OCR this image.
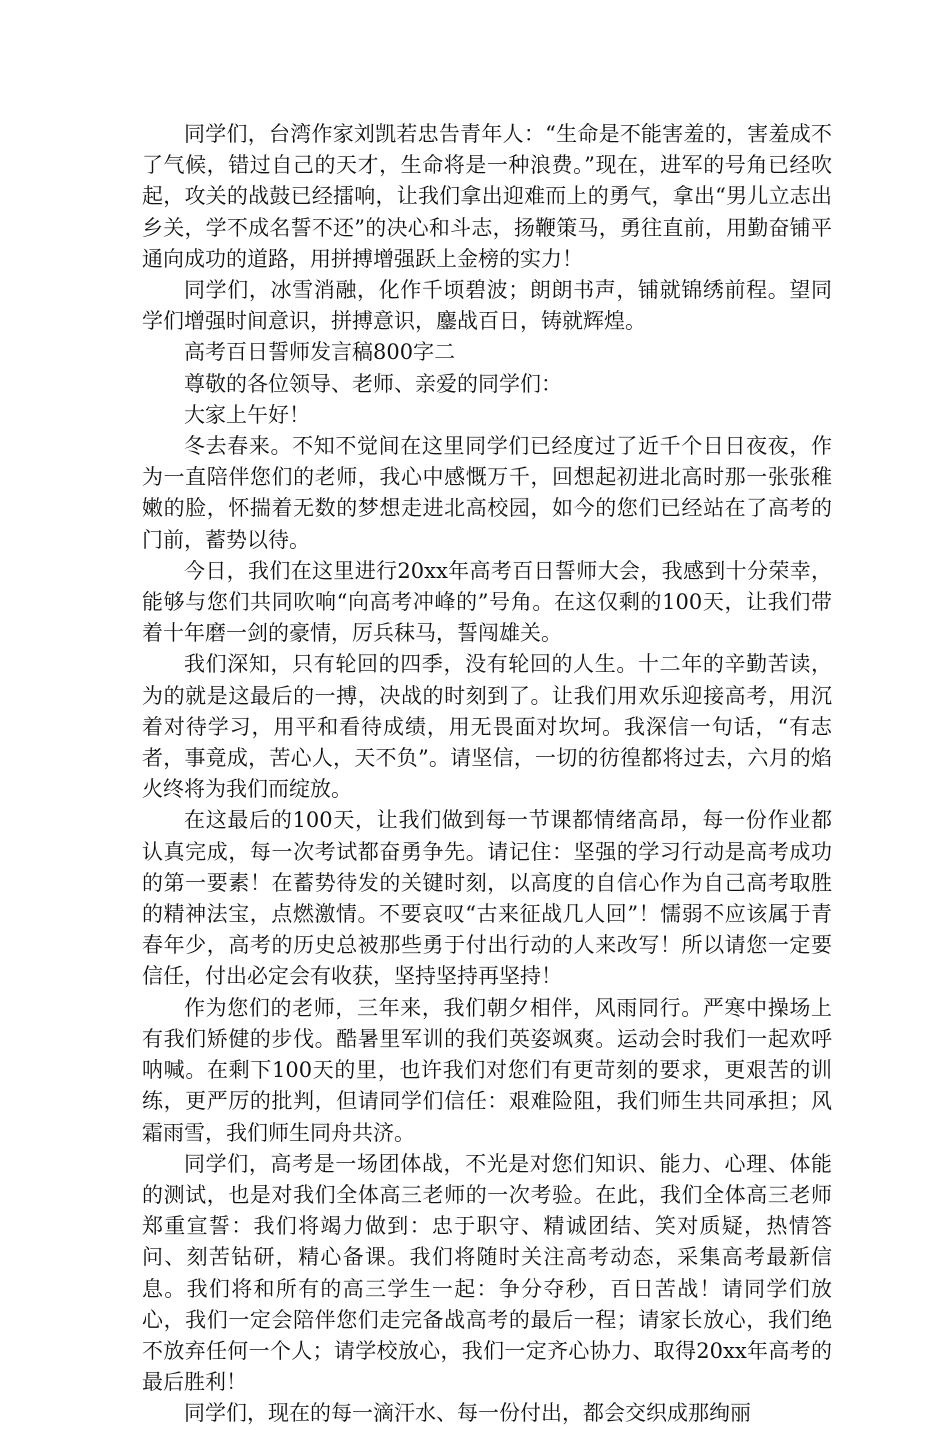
同学们，台湾作家刘凯若忠告青年人：“生命是不能害羞的，害羞成不了气候，错过自己的天才，生命将是一种浪费。”现在，进军的号角已经吹起，攻关的战鼓已经擂响，让我们拿出迎难而上的勇气，拿出“男儿立志出乡关，学不成名誓不还”的决心和斗志，扬鞭策马，勇往直前，用勤奋铺平通向成功的道路，用拼搏增强跃上金榜的实力！

同学们，冰雪消融，化作千顷碧波；朗朗书声，铺就锦绣前程。望同学们增强时间意识，拼搏意识，鏖战百日，铸就辉煌。

高考百日誓师发言稿800字二

尊敬的各位领导、老师、亲爱的同学们：

大家上午好！

冬去春来。不知不觉间在这里同学们已经度过了近千个日日夜夜，作为一直陪伴您们的老师，我心中感慨万千，回想起初进北高时那一张张稚嫩的脸，怀揣着无数的梦想走进北高校园，如今的您们已经站在了高考的门前，蓄势以待。

今日，我们在这里进行20xx年高考百日誓师大会，我感到十分荣幸，能够与您们共同吹响“向高考冲峰的”号角。在这仅剩的100天，让我们带着十年磨一剑的豪情，厉兵秣马，誓闯雄关。

我们深知，只有轮回的四季，没有轮回的人生。十二年的辛勤苦读，为的就是这最后的一搏，决战的时刻到了。让我们用欢乐迎接高考，用沉着对待学习，用平和看待成绩，用无畏面对坎坷。我深信一句话，“有志者，事竟成，苦心人，天不负”。请坚信，一切的彷徨都将过去，六月的焰火终将为我们而绽放。

在这最后的100天，让我们做到每一节课都情绪高昂，每一份作业都认真完成，每一次考试都奋勇争先。请记住：坚强的学习行动是高考成功的第一要素！在蓄势待发的关键时刻，以高度的自信心作为自己高考取胜的精神法宝，点燃激情。不要哀叹“古来征战几人回”！懦弱不应该属于青春年少，高考的历史总被那些勇于付出行动的人来改写！所以请您一定要信任，付出必定会有收获，坚持坚持再坚持！

作为您们的老师，三年来，我们朝夕相伴，风雨同行。严寒中操场上有我们矫健的步伐。酷暑里军训的我们英姿飒爽。运动会时我们一起欢呼呐喊。在剩下100天的里，也许我们对您们有更苛刻的要求，更艰苦的训练，更严厉的批判，但请同学们信任：艰难险阻，我们师生共同承担；风霜雨雪，我们师生同舟共济。

同学们，高考是一场团体战，不光是对您们知识、能力、心理、体能的测试，也是对我们全体高三老师的一次考验。在此，我们全体高三老师郑重宣誓：我们将竭力做到：忠于职守、精诚团结、笑对质疑，热情答问、刻苦钻研，精心备课。我们将随时关注高考动态，采集高考最新信息。我们将和所有的高三学生一起：争分夺秒，百日苦战！请同学们放心，我们一定会陪伴您们走完备战高考的最后一程；请家长放心，我们绝不放弃任何一个人；请学校放心，我们一定齐心协力、取得20xx年高考的最后胜利！

同学们，现在的每一滴汗水、每一份付出，都会交织成那绚丽
